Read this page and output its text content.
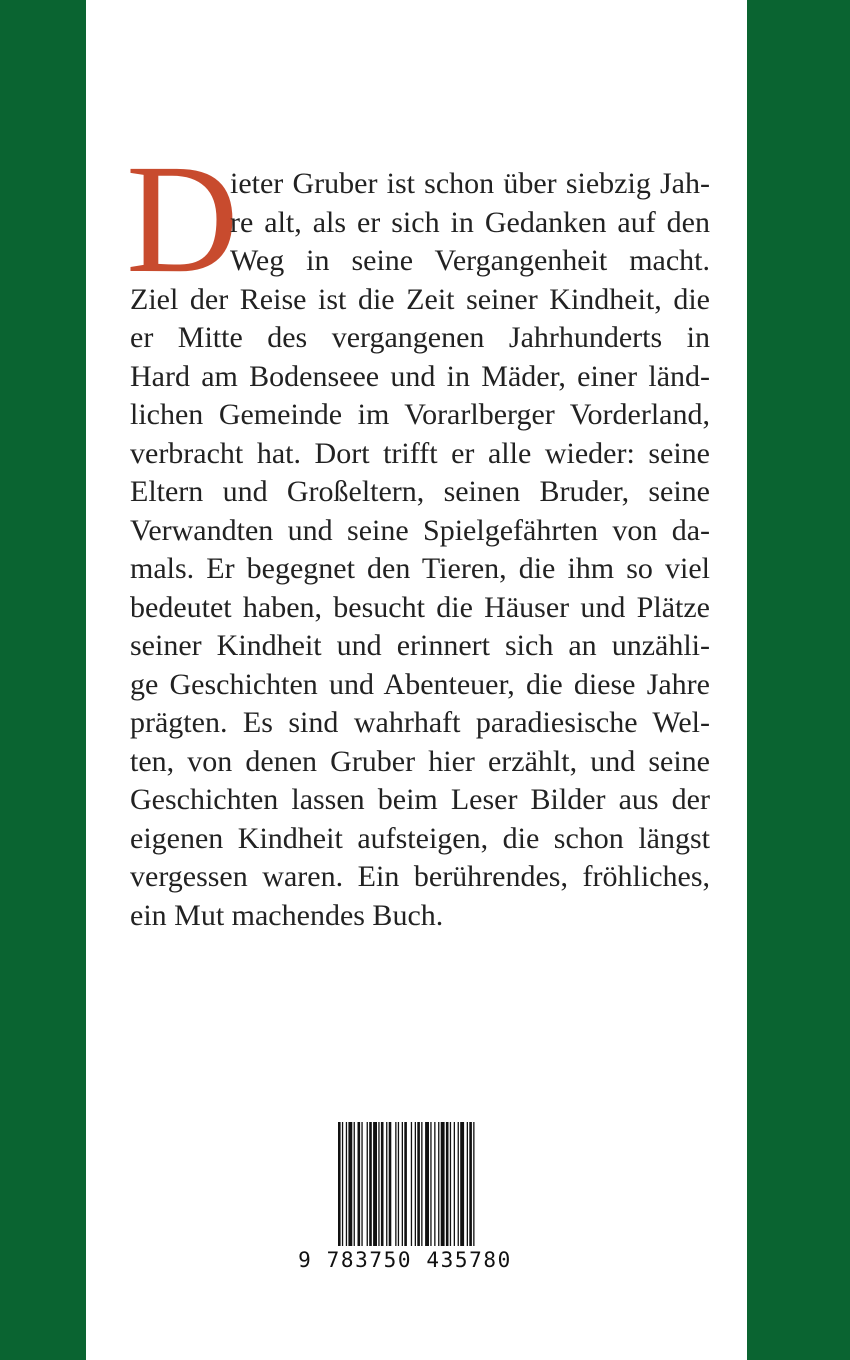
D
ieter Gruber ist schon über siebzig Jah-
re alt, als er sich in Gedanken auf den
Weg in seine Vergangenheit macht.
Ziel der Reise ist die Zeit seiner Kindheit, die
er Mitte des vergangenen Jahrhunderts in
Hard am Bodenseee und in Mäder, einer länd-
lichen Gemeinde im Vorarlberger Vorderland,
verbracht hat. Dort trifft er alle wieder: seine
Eltern und Großeltern, seinen Bruder, seine
Verwandten und seine Spielgefährten von da-
mals. Er begegnet den Tieren, die ihm so viel
bedeutet haben, besucht die Häuser und Plätze
seiner Kindheit und erinnert sich an unzähli-
ge Geschichten und Abenteuer, die diese Jahre
prägten. Es sind wahrhaft paradiesische Wel-
ten, von denen Gruber hier erzählt, und seine
Geschichten lassen beim Leser Bilder aus der
eigenen Kindheit aufsteigen, die schon längst
vergessen waren. Ein berührendes, fröhliches,
ein Mut machendes Buch.
9 783750 435780
